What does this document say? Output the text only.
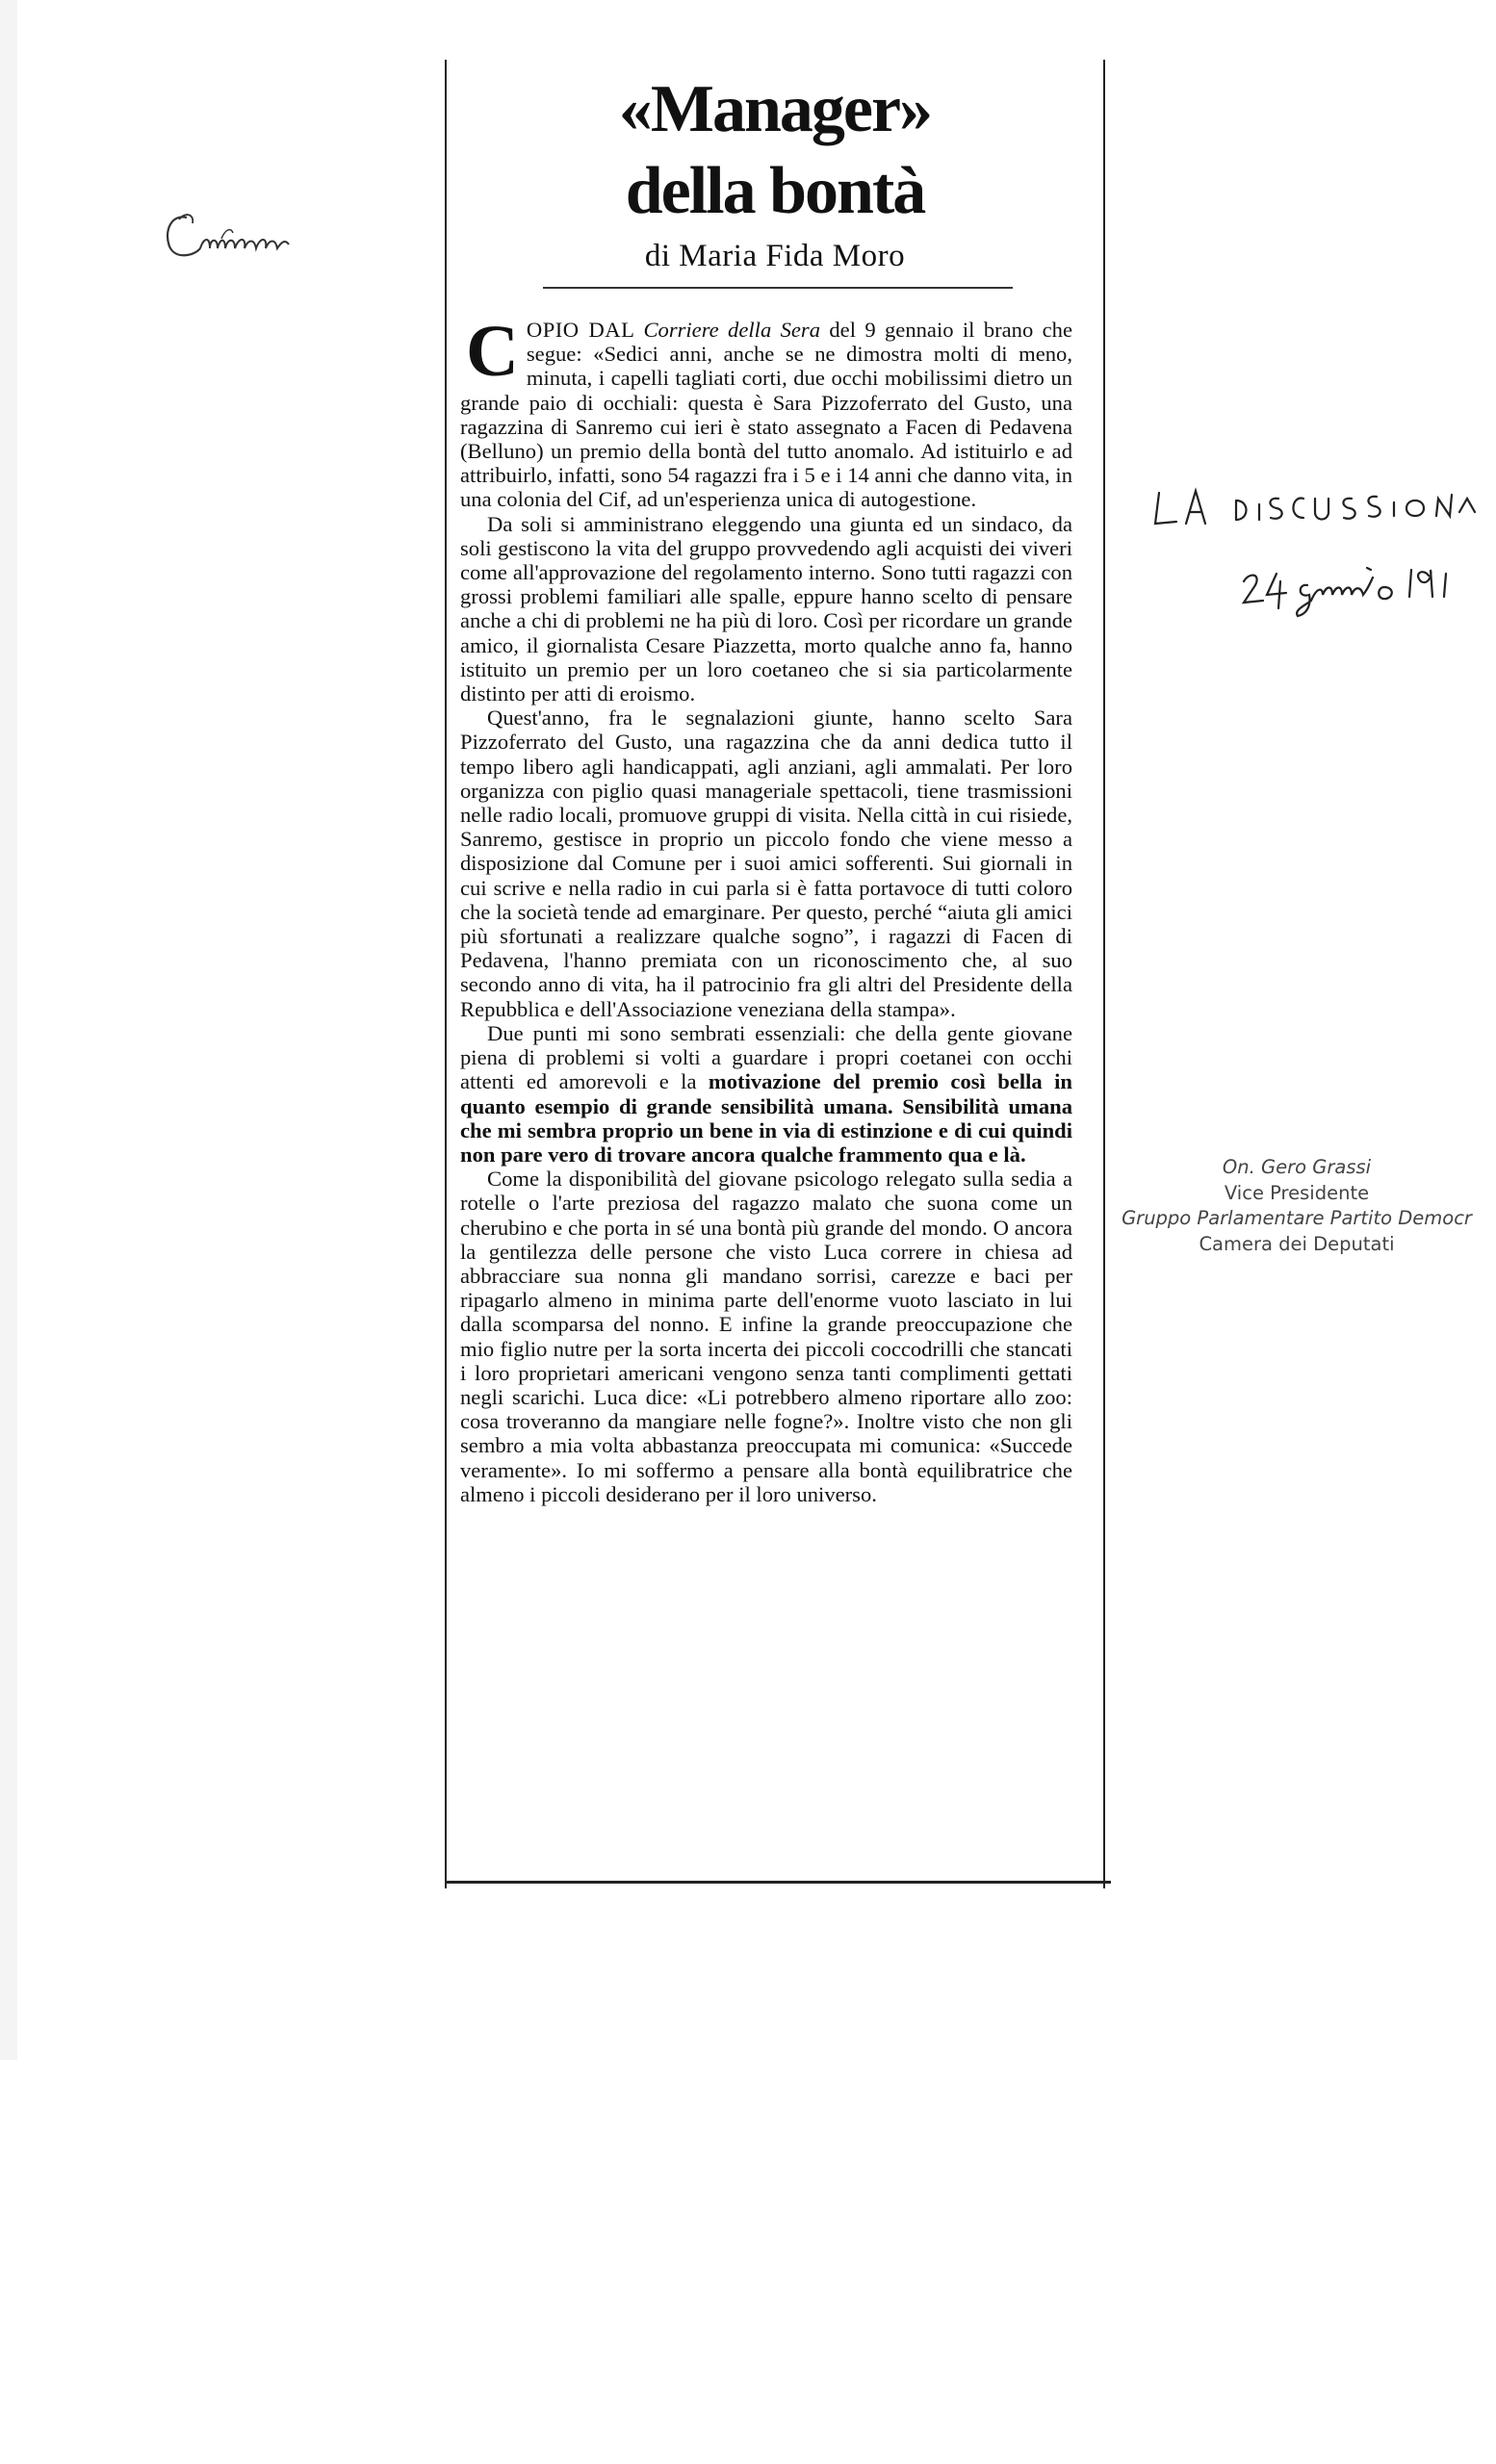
«Manager»
della bontà
di Maria Fida Moro

COPIO DAL Corriere della Sera del 9 gennaio il brano che segue: «Sedici anni, anche se ne dimostra molti di meno, minuta, i capelli tagliati corti, due occhi mobilissimi dietro un grande paio di occhiali: questa è Sara Pizzoferrato del Gusto, una ragazzina di Sanremo cui ieri è stato assegnato a Facen di Pedavena (Belluno) un premio della bontà del tutto anomalo. Ad istituirlo e ad attribuirlo, infatti, sono 54 ragazzi fra i 5 e i 14 anni che danno vita, in una colonia del Cif, ad un'esperienza unica di autogestione.

Da soli si amministrano eleggendo una giunta ed un sindaco, da soli gestiscono la vita del gruppo provvedendo agli acquisti dei viveri come all'approvazione del regolamento interno. Sono tutti ragazzi con grossi problemi familiari alle spalle, eppure hanno scelto di pensare anche a chi di problemi ne ha più di loro. Così per ricordare un grande amico, il giornalista Cesare Piazzetta, morto qualche anno fa, hanno istituito un premio per un loro coetaneo che si sia particolarmente distinto per atti di eroismo.

Quest'anno, fra le segnalazioni giunte, hanno scelto Sara Pizzoferrato del Gusto, una ragazzina che da anni dedica tutto il tempo libero agli handicappati, agli anziani, agli ammalati. Per loro organizza con piglio quasi manageriale spettacoli, tiene trasmissioni nelle radio locali, promuove gruppi di visita. Nella città in cui risiede, Sanremo, gestisce in proprio un piccolo fondo che viene messo a disposizione dal Comune per i suoi amici sofferenti. Sui giornali in cui scrive e nella radio in cui parla si è fatta portavoce di tutti coloro che la società tende ad emarginare. Per questo, perché “aiuta gli amici più sfortunati a realizzare qualche sogno”, i ragazzi di Facen di Pedavena, l'hanno premiata con un riconoscimento che, al suo secondo anno di vita, ha il patrocinio fra gli altri del Presidente della Repubblica e dell'Associazione veneziana della stampa».

Due punti mi sono sembrati essenziali: che della gente giovane piena di problemi si volti a guardare i propri coetanei con occhi attenti ed amorevoli e la motivazione del premio così bella in quanto esempio di grande sensibilità umana. Sensibilità umana che mi sembra proprio un bene in via di estinzione e di cui quindi non pare vero di trovare ancora qualche frammento qua e là.

Come la disponibilità del giovane psicologo relegato sulla sedia a rotelle o l'arte preziosa del ragazzo malato che suona come un cherubino e che porta in sé una bontà più grande del mondo. O ancora la gentilezza delle persone che visto Luca correre in chiesa ad abbracciare sua nonna gli mandano sorrisi, carezze e baci per ripagarlo almeno in minima parte dell'enorme vuoto lasciato in lui dalla scomparsa del nonno. E infine la grande preoccupazione che mio figlio nutre per la sorta incerta dei piccoli coccodrilli che stancati i loro proprietari americani vengono senza tanti complimenti gettati negli scarichi. Luca dice: «Li potrebbero almeno riportare allo zoo: cosa troveranno da mangiare nelle fogne?». Inoltre visto che non gli sembro a mia volta abbastanza preoccupata mi comunica: «Succede veramente». Io mi soffermo a pensare alla bontà equilibratrice che almeno i piccoli desiderano per il loro universo.

On. Gero Grassi
Vice Presidente
Gruppo Parlamentare Partito Democr
Camera dei Deputati
